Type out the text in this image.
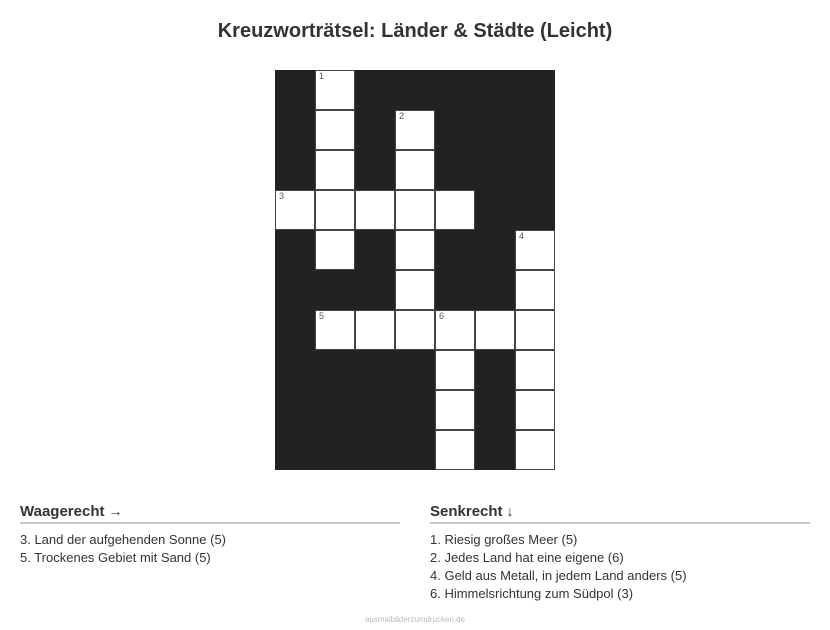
Kreuzworträtsel: Länder & Städte (Leicht)
1
2
3
4
5	6
Waagerecht →
3. Land der aufgehenden Sonne (5)
5. Trockenes Gebiet mit Sand (5)
Senkrecht ↓
1. Riesig großes Meer (5)
2. Jedes Land hat eine eigene (6)
4. Geld aus Metall, in jedem Land anders (5)
6. Himmelsrichtung zum Südpol (3)
ausmalbilderzumdrucken.de
